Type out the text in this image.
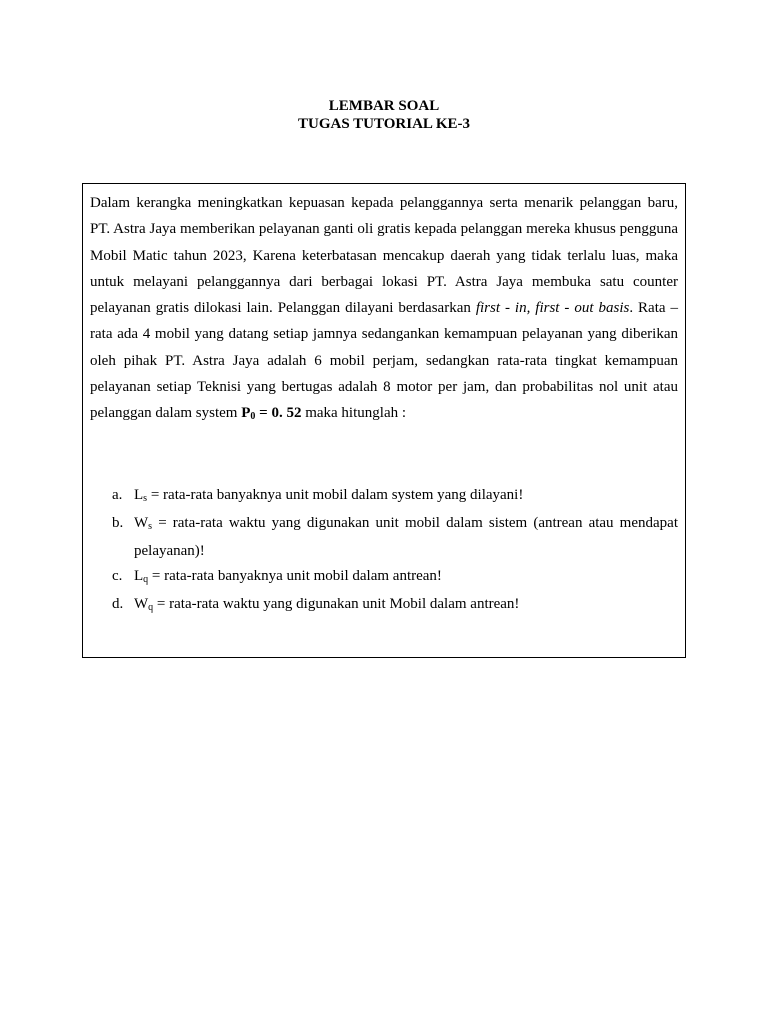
LEMBAR SOAL
TUGAS TUTORIAL KE-3

Dalam kerangka meningkatkan kepuasan kepada pelanggannya serta menarik pelanggan baru, PT. Astra Jaya memberikan pelayanan ganti oli gratis kepada pelanggan mereka khusus pengguna Mobil Matic tahun 2023, Karena keterbatasan mencakup daerah yang tidak terlalu luas, maka untuk melayani pelanggannya dari berbagai lokasi PT. Astra Jaya membuka satu counter pelayanan gratis dilokasi lain. Pelanggan dilayani berdasarkan first - in, first - out basis. Rata –rata ada 4 mobil yang datang setiap jamnya sedangankan kemampuan pelayanan yang diberikan oleh pihak PT. Astra Jaya adalah 6 mobil perjam, sedangkan rata-rata tingkat kemampuan pelayanan setiap Teknisi yang bertugas adalah 8 motor per jam, dan probabilitas nol unit atau pelanggan dalam system $P_0 = 0$. 52 maka hitunglah :

a. $L_s$ = rata-rata banyaknya unit mobil dalam system yang dilayani!
b. $W_s$ = rata-rata waktu yang digunakan unit mobil dalam sistem (antrean atau mendapat pelayanan)!
c. $L_q$ = rata-rata banyaknya unit mobil dalam antrean!
d. $W_q$ = rata-rata waktu yang digunakan unit Mobil dalam antrean!
